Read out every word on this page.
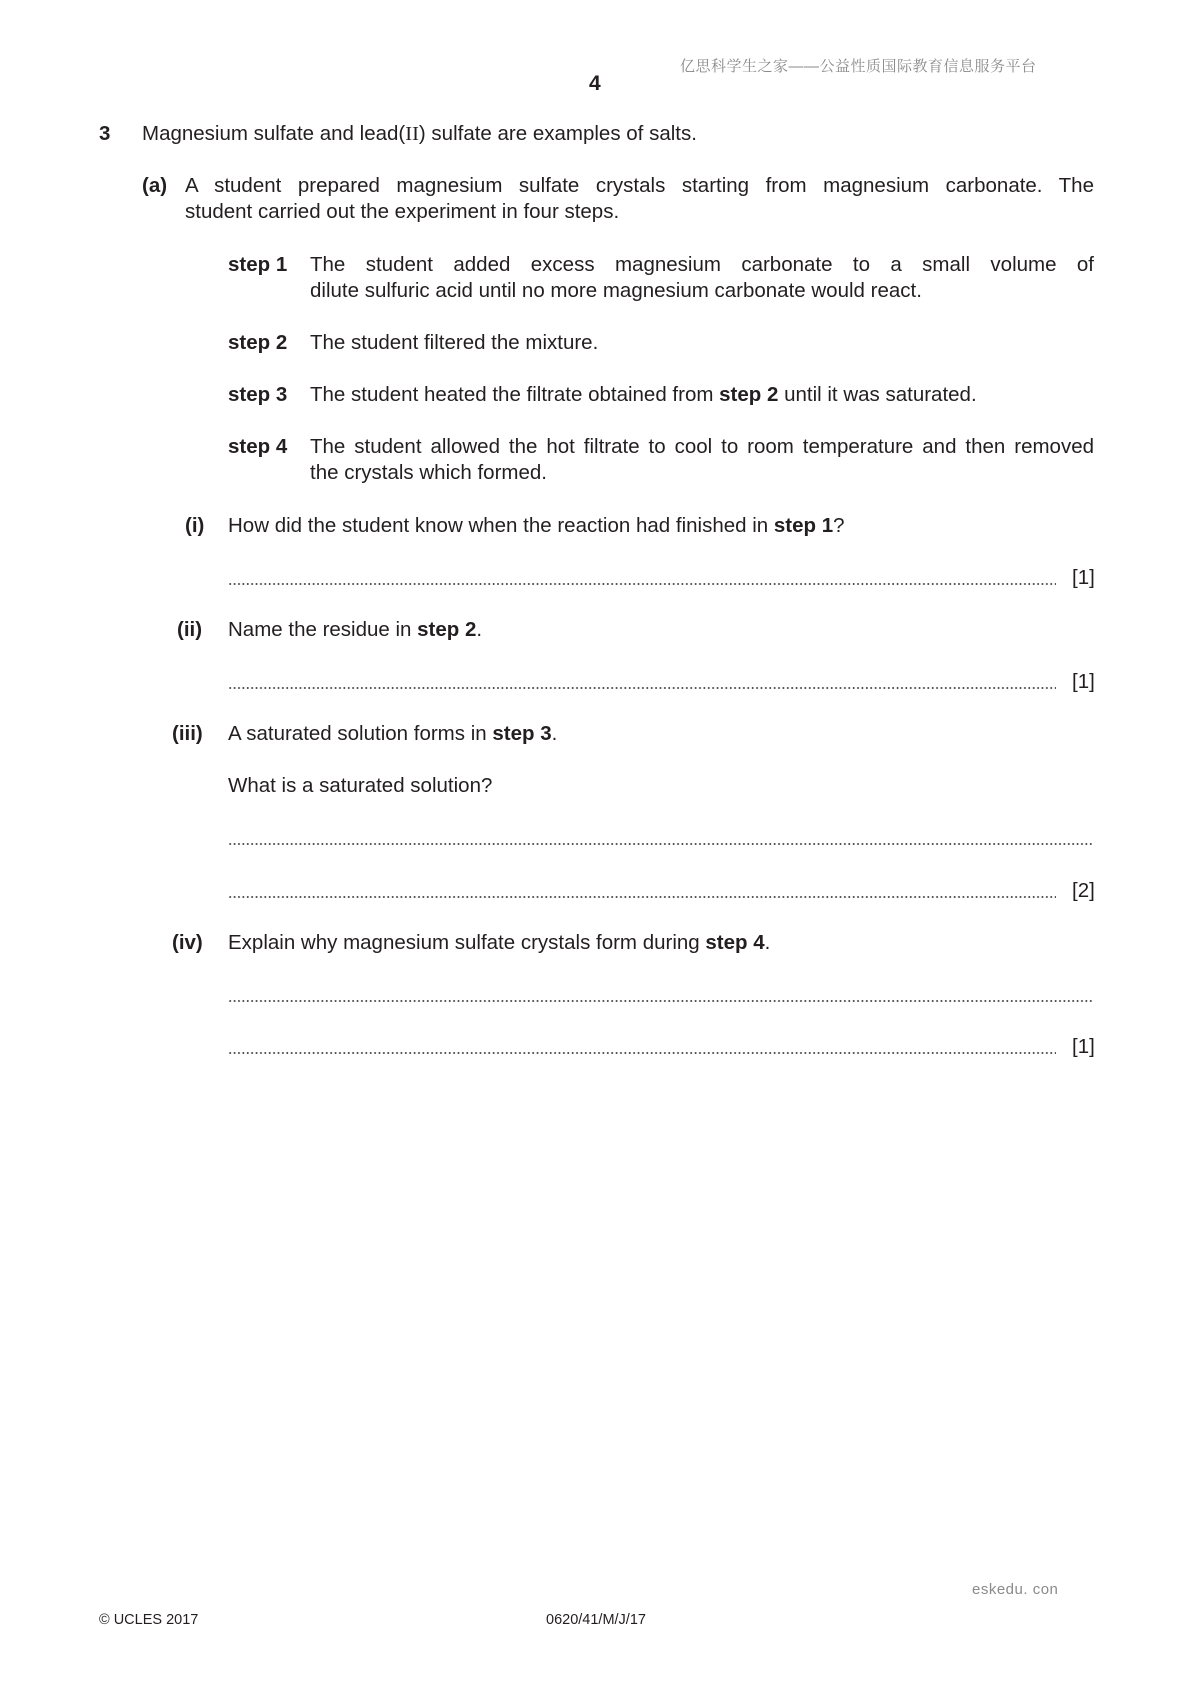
亿思科学生之家——公益性质国际教育信息服务平台
4
3 Magnesium sulfate and lead(II) sulfate are examples of salts.
(a) A student prepared magnesium sulfate crystals starting from magnesium carbonate. The
student carried out the experiment in four steps.
step 1 The student added excess magnesium carbonate to a small volume of
dilute sulfuric acid until no more magnesium carbonate would react.
step 2 The student filtered the mixture.
step 3 The student heated the filtrate obtained from step 2 until it was saturated.
step 4 The student allowed the hot filtrate to cool to room temperature and then removed
the crystals which formed.
(i) How did the student know when the reaction had finished in step 1?
[1]
(ii) Name the residue in step 2.
[1]
(iii) A saturated solution forms in step 3.
What is a saturated solution?
[2]
(iv) Explain why magnesium sulfate crystals form during step 4.
[1]
eskedu. con
© UCLES 2017	0620/41/M/J/17
